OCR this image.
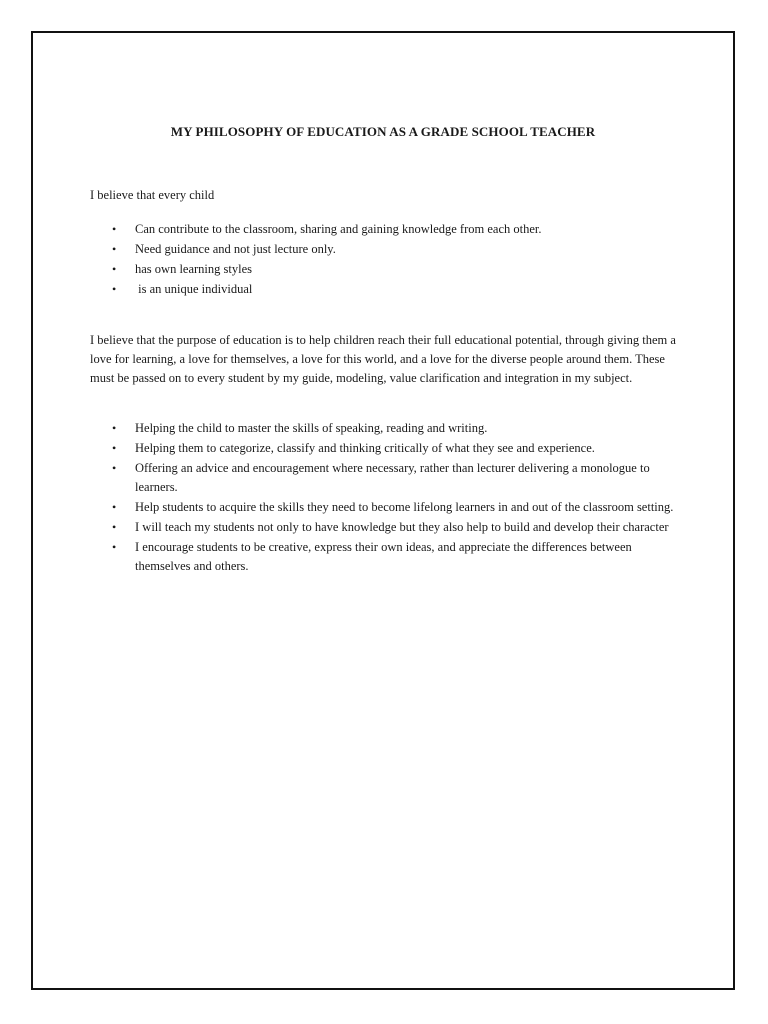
MY PHILOSOPHY OF EDUCATION AS A GRADE SCHOOL TEACHER

I believe that every child

• Can contribute to the classroom, sharing and gaining knowledge from each other.
• Need guidance and not just lecture only.
• has own learning styles
• is an unique individual

I believe that the purpose of education is to help children reach their full educational potential, through giving them a love for learning, a love for themselves, a love for this world, and a love for the diverse people around them. These must be passed on to every student by my guide, modeling, value clarification and integration in my subject.

• Helping the child to master the skills of speaking, reading and writing.
• Helping them to categorize, classify and thinking critically of what they see and experience.
• Offering an advice and encouragement where necessary, rather than lecturer delivering a monologue to learners.
• Help students to acquire the skills they need to become lifelong learners in and out of the classroom setting.
• I will teach my students not only to have knowledge but they also help to build and develop their character
• I encourage students to be creative, express their own ideas, and appreciate the differences between themselves and others.
